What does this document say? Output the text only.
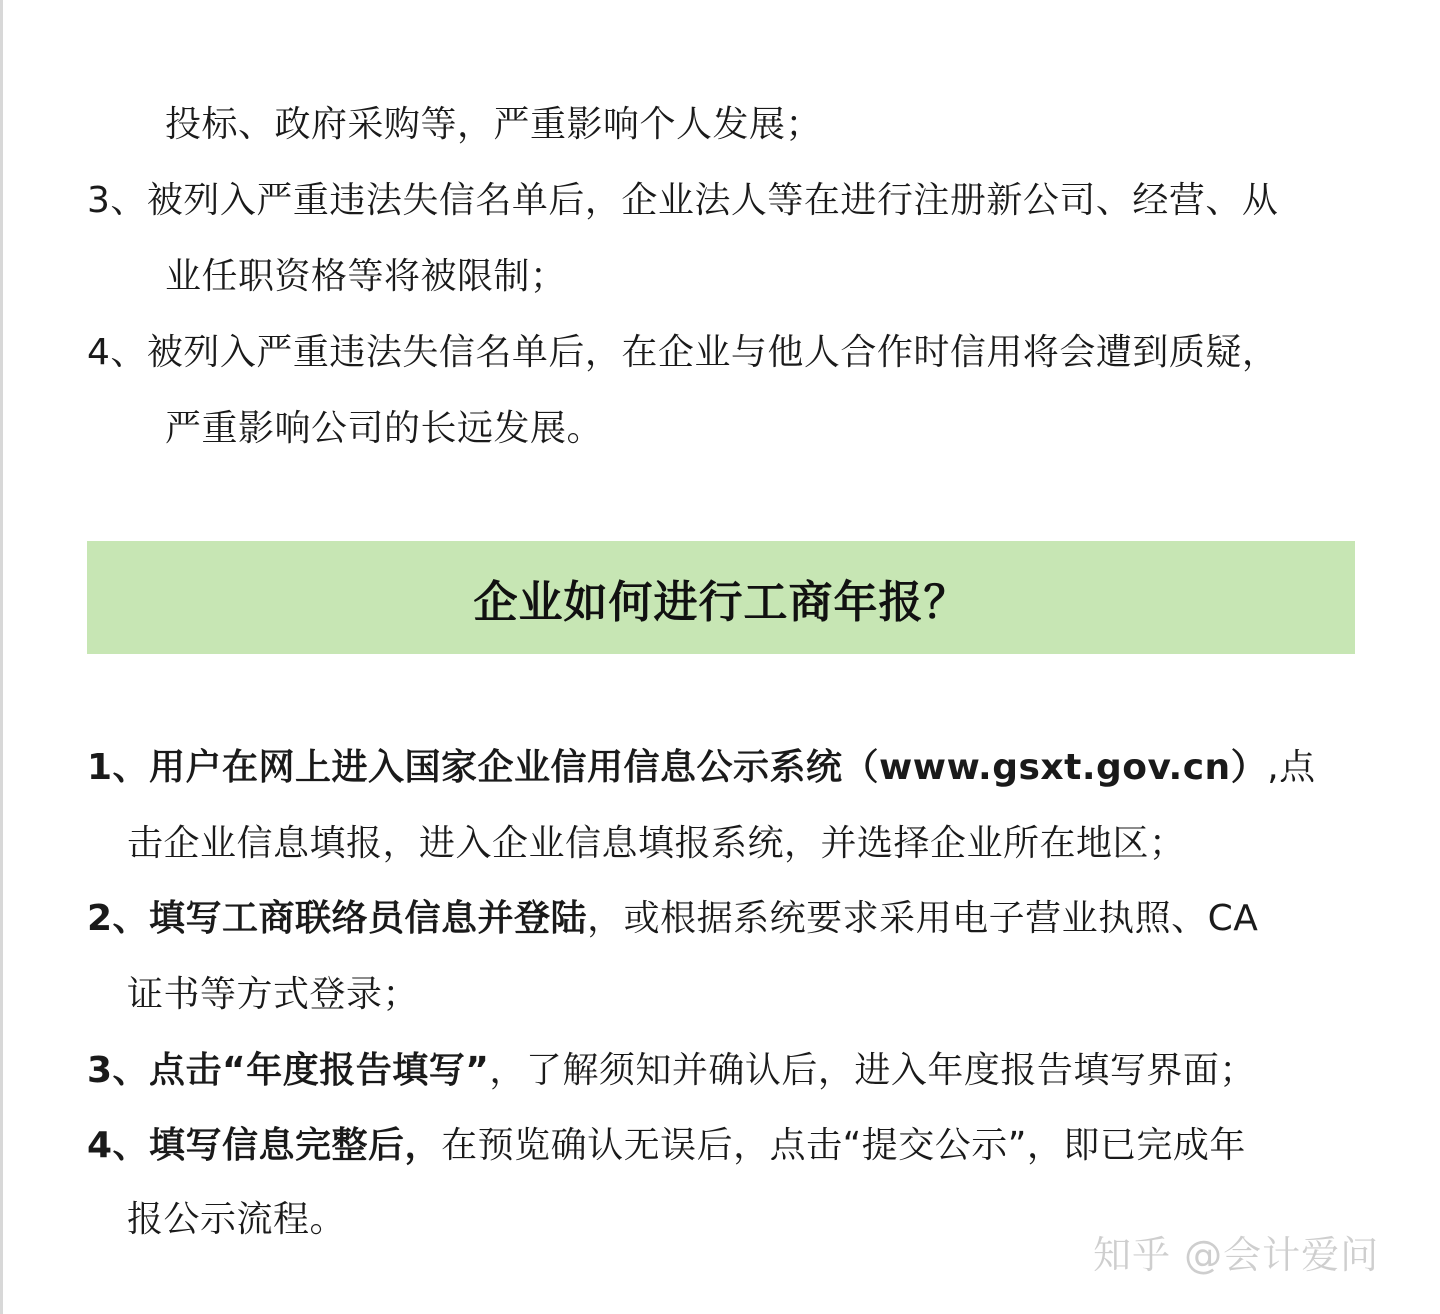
投标、政府采购等，严重影响个人发展；
3、被列入严重违法失信名单后，企业法人等在进行注册新公司、经营、从
业任职资格等将被限制；
4、被列入严重违法失信名单后，在企业与他人合作时信用将会遭到质疑，
严重影响公司的长远发展。
企业如何进行工商年报？
1、用户在网上进入国家企业信用信息公示系统（www.gsxt.gov.cn）,点
击企业信息填报，进入企业信息填报系统，并选择企业所在地区；
2、填写工商联络员信息并登陆，或根据系统要求采用电子营业执照、CA
证书等方式登录；
3、点击“年度报告填写”，了解须知并确认后，进入年度报告填写界面；
4、填写信息完整后，在预览确认无误后，点击“提交公示”，即已完成年
报公示流程。
知乎 @会计爱问
